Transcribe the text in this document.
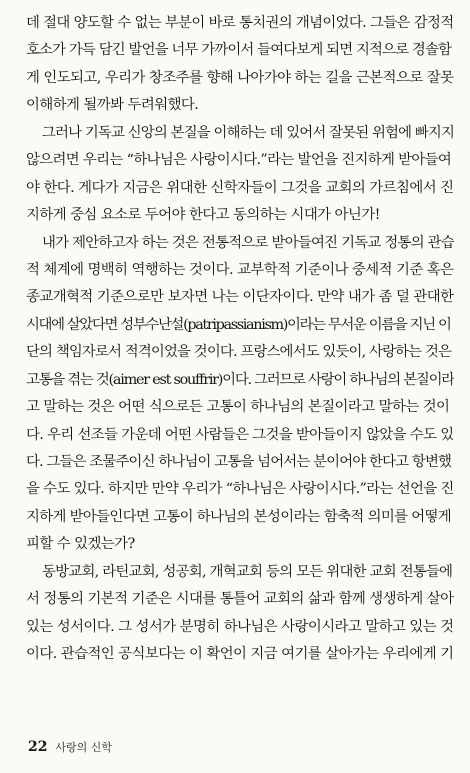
데 절대 양도할 수 없는 부분이 바로 통치권의 개념이었다. 그들은 감정적
호소가 가득 담긴 발언을 너무 가까이서 들여다보게 되면 지적으로 경솔함
게 인도되고, 우리가 창조주를 향해 나아가야 하는 길을 근본적으로 잘못
이해하게 될까봐 두려워했다.
그러나 기독교 신앙의 본질을 이해하는 데 있어서 잘못된 위험에 빠지지
않으려면 우리는 “하나님은 사랑이시다.”라는 발언을 진지하게 받아들여
야 한다. 게다가 지금은 위대한 신학자들이 그것을 교회의 가르침에서 진
지하게 중심 요소로 두어야 한다고 동의하는 시대가 아닌가!
내가 제안하고자 하는 것은 전통적으로 받아들여진 기독교 정통의 관습
적 체계에 명백히 역행하는 것이다. 교부학적 기준이나 중세적 기준 혹은
종교개혁적 기준으로만 보자면 나는 이단자이다. 만약 내가 좀 덜 관대한
시대에 살았다면 성부수난설(patripassianism)이라는 무서운 이름을 지닌 이
단의 책임자로서 적격이었을 것이다. 프랑스에서도 있듯이, 사랑하는 것은
고통을 겪는 것(aimer est souffrir)이다. 그러므로 사랑이 하나님의 본질이라
고 말하는 것은 어떤 식으로든 고통이 하나님의 본질이라고 말하는 것이
다. 우리 선조들 가운데 어떤 사람들은 그것을 받아들이지 않았을 수도 있
다. 그들은 조물주이신 하나님이 고통을 넘어서는 분이어야 한다고 항변했
을 수도 있다. 하지만 만약 우리가 “하나님은 사랑이시다.”라는 선언을 진
지하게 받아들인다면 고통이 하나님의 본성이라는 함축적 의미를 어떻게
피할 수 있겠는가?
동방교회, 라틴교회, 성공회, 개혁교회 등의 모든 위대한 교회 전통들에
서 정통의 기본적 기준은 시대를 통틀어 교회의 삶과 함께 생생하게 살아
있는 성서이다. 그 성서가 분명히 하나님은 사랑이시라고 말하고 있는 것
이다. 관습적인 공식보다는 이 확언이 지금 여기를 살아가는 우리에게 기
22 사랑의 신학
